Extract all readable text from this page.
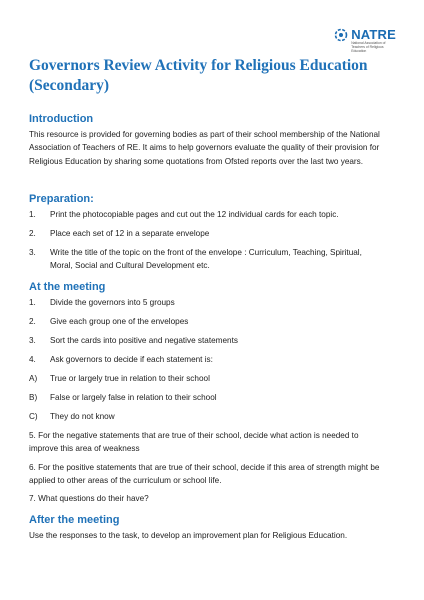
NATRE
National Association of Teachers of Religious Education
Governors Review Activity for Religious Education (Secondary)
Introduction

This resource is provided for governing bodies as part of their school membership of the National Association of Teachers of RE. It aims to help governors evaluate the quality of their provision for Religious Education by sharing some quotations from Ofsted reports over the last two years.

Preparation:
1. Print the photocopiable pages and cut out the 12 individual cards for each topic.
2. Place each set of 12 in a separate envelope
3. Write the title of the topic on the front of the envelope : Curriculum, Teaching, Spiritual, Moral, Social and Cultural Development etc.
At the meeting
1. Divide the governors into 5 groups
2. Give each group one of the envelopes
3. Sort the cards into positive and negative statements
4. Ask governors to decide if each statement is:
A) True or largely true in relation to their school
B) False or largely false in relation to their school
C) They do not know

5. For the negative statements that are true of their school, decide what action is needed to improve this area of weakness

6. For the positive statements that are true of their school, decide if this area of strength might be applied to other areas of the curriculum or school life.

7. What questions do their have?

After the meeting

Use the responses to the task, to develop an improvement plan for Religious Education.
